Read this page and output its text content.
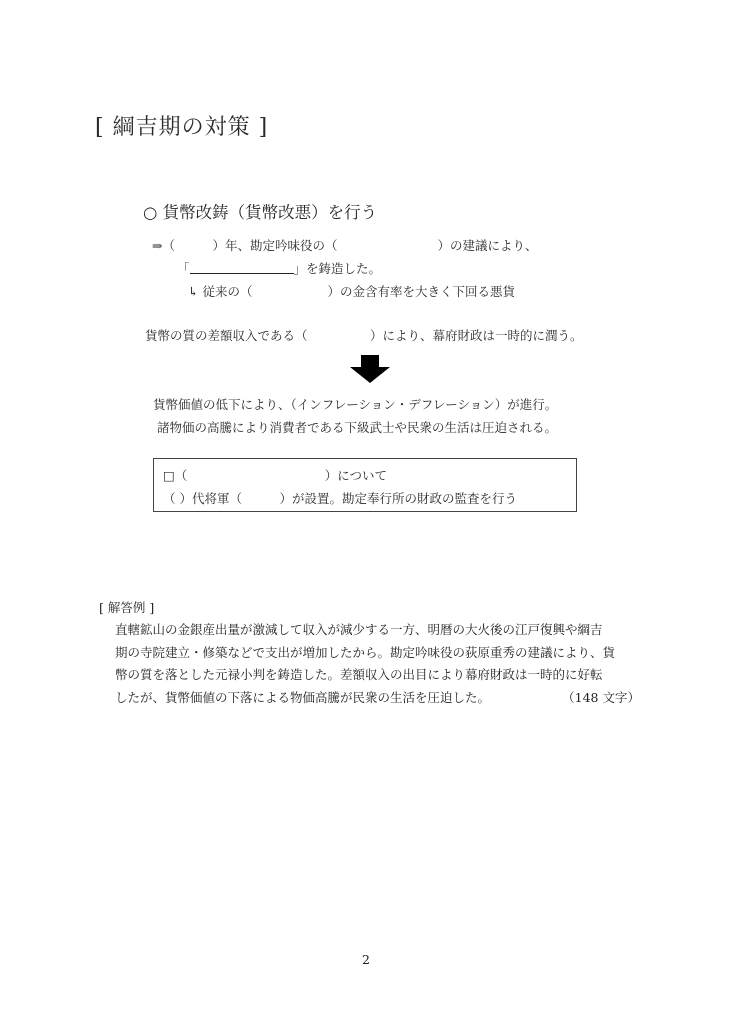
[ 綱吉期の対策 ]
○ 貨幣改鋳（貨幣改悪）を行う
⇒（　　　）年、勘定吟味役の（　　　　　　　　）の建議により、
「	」を鋳造した。
↳ 従来の（　　　　　　）の金含有率を大きく下回る悪貨
貨幣の質の差額収入である（　　　　　）により、幕府財政は一時的に潤う。
貨幣価値の低下により、（インフレーション・デフレーション）が進行。
諸物価の高騰により消費者である下級武士や民衆の生活は圧迫される。
□（　　　　　　　　　　　）について
（ ）代将軍（　　　）が設置。勘定奉行所の財政の監査を行う
[ 解答例 ]

直轄鉱山の金銀産出量が激減して収入が減少する一方、明暦の大火後の江戸復興や綱吉

期の寺院建立・修築などで支出が増加したから。勘定吟味役の荻原重秀の建議により、貨

幣の質を落とした元禄小判を鋳造した。差額収入の出目により幕府財政は一時的に好転

したが、貨幣価値の下落による物価高騰が民衆の生活を圧迫した。	（148 文字）

2
